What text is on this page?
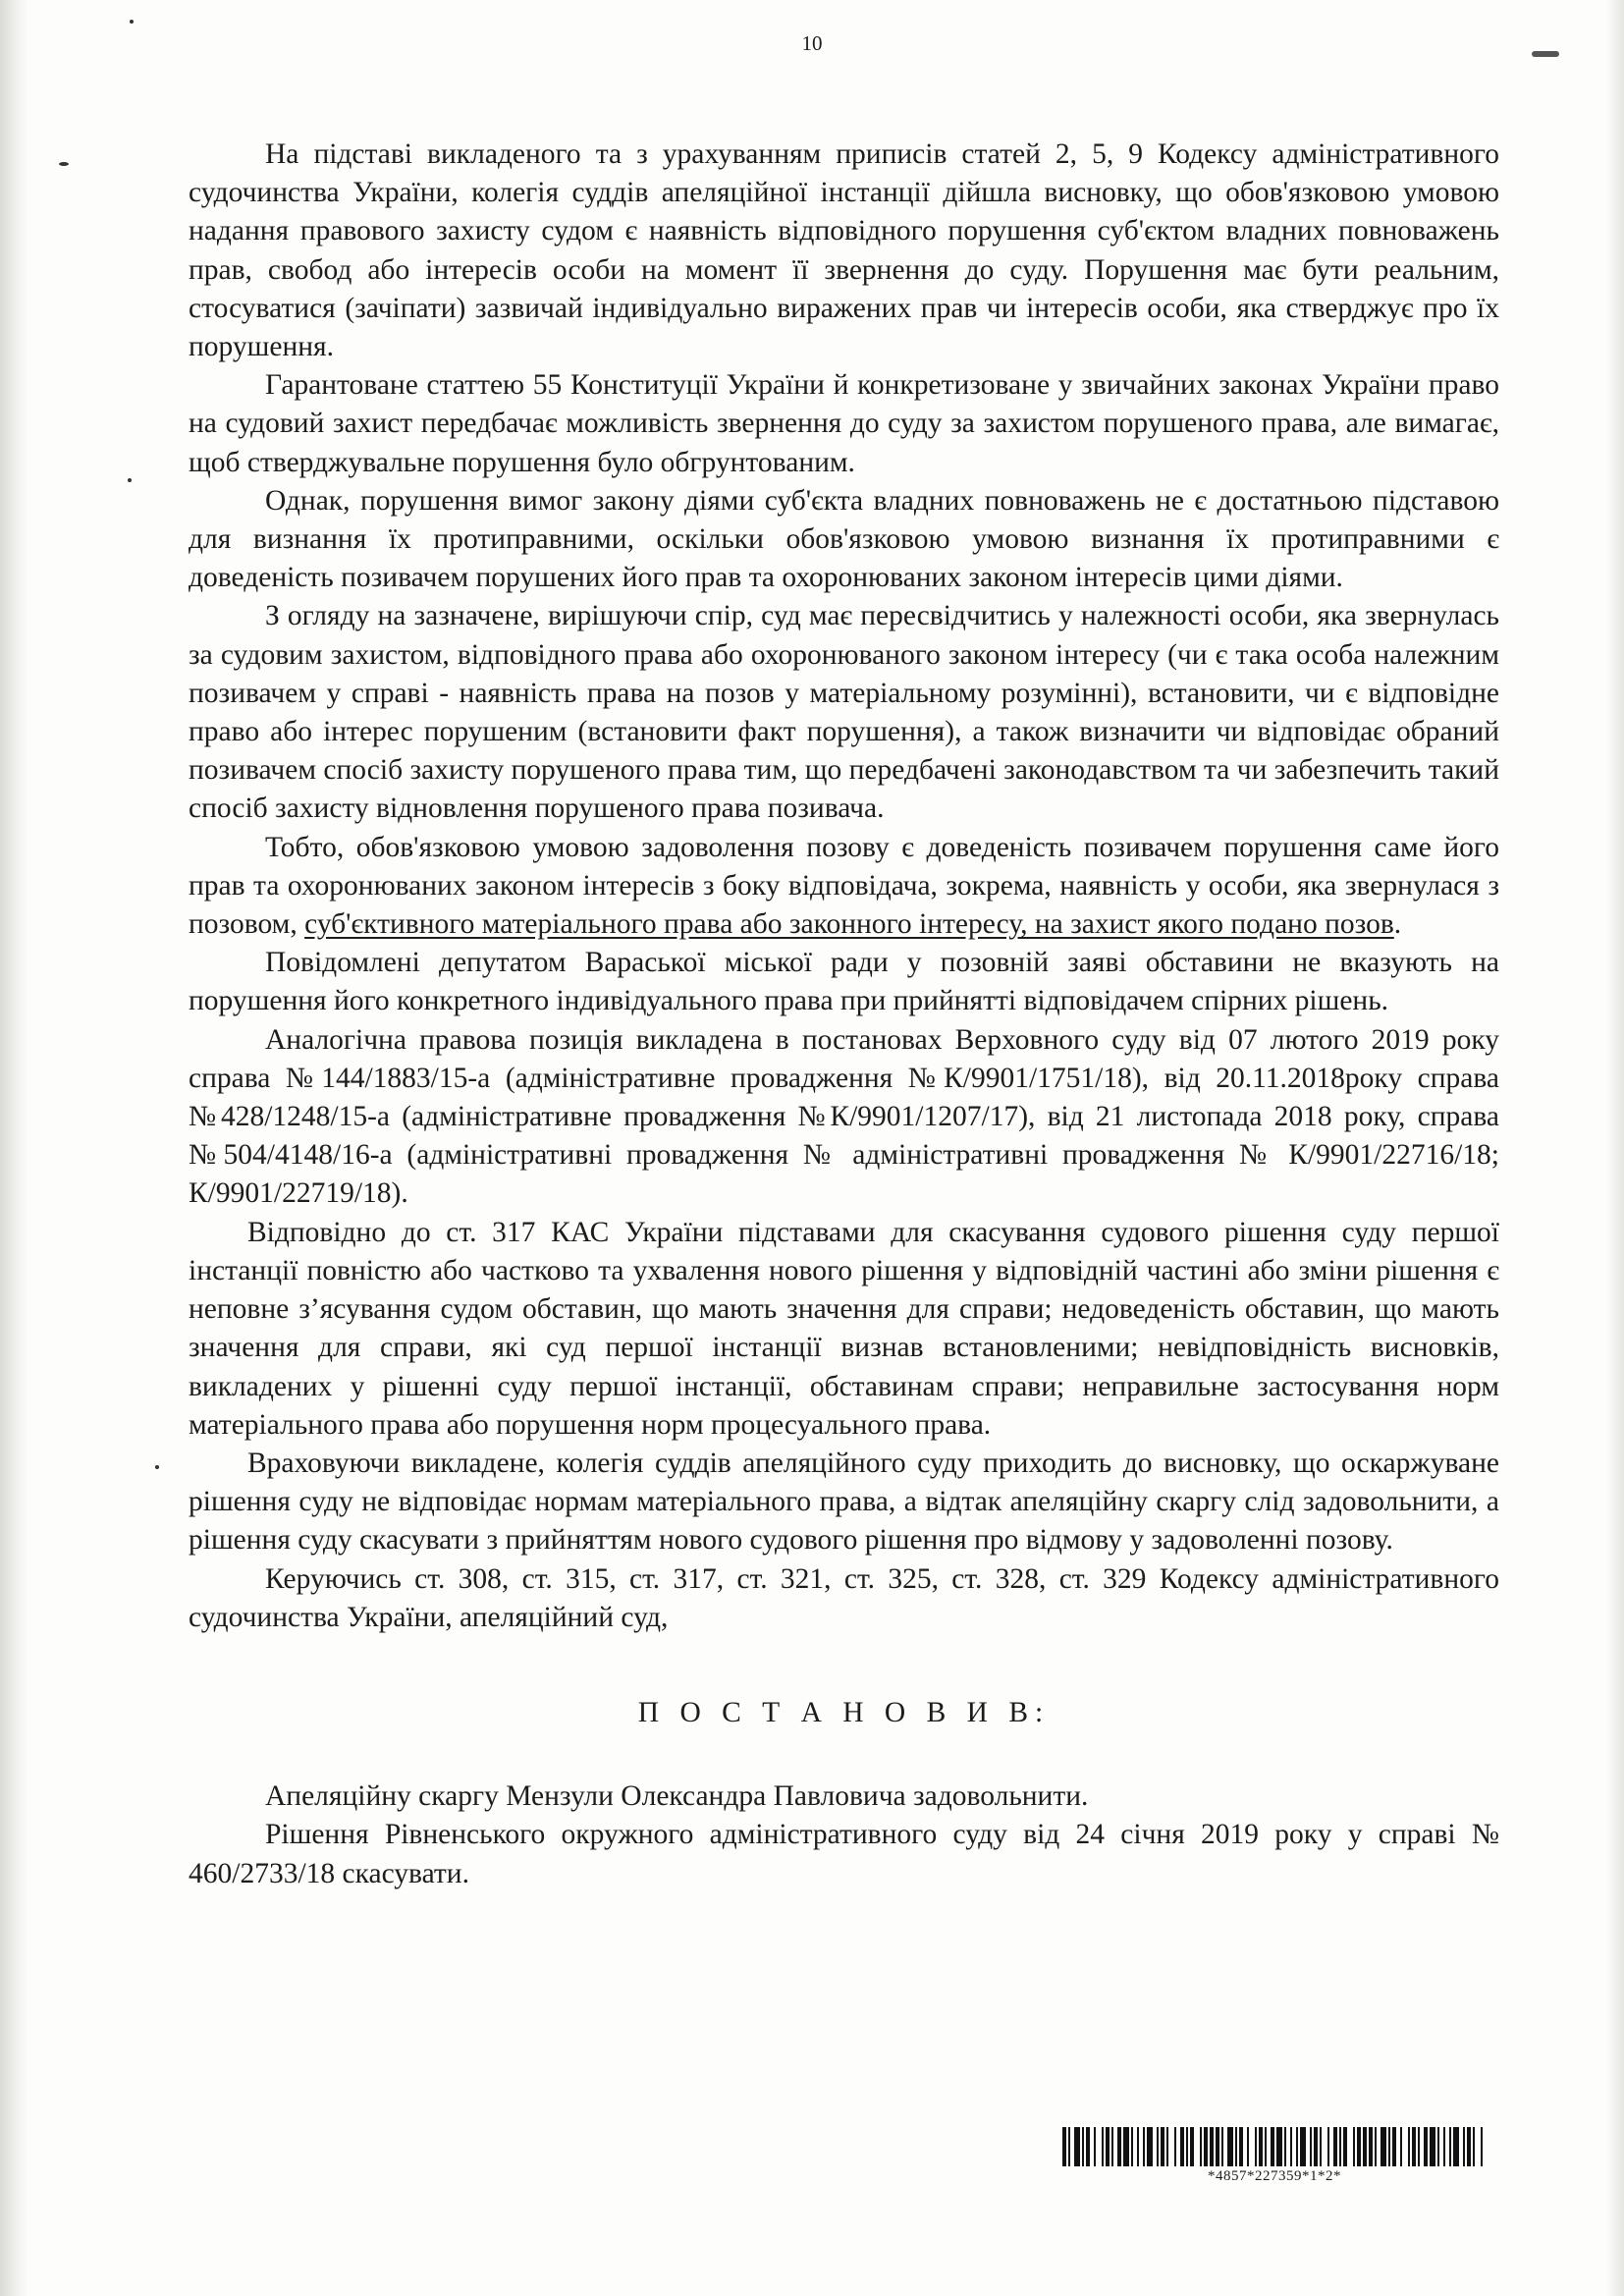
10

На підставі викладеного та з урахуванням приписів статей 2, 5, 9 Кодексу адміністративного судочинства України, колегія суддів апеляційної інстанції дійшла висновку, що обов'язковою умовою надання правового захисту судом є наявність відповідного порушення суб'єктом владних повноважень прав, свобод або інтересів особи на момент її звернення до суду. Порушення має бути реальним, стосуватися (зачіпати) зазвичай індивідуально виражених прав чи інтересів особи, яка стверджує про їх порушення.

Гарантоване статтею 55 Конституції України й конкретизоване у звичайних законах України право на судовий захист передбачає можливість звернення до суду за захистом порушеного права, але вимагає, щоб стверджувальне порушення було обгрунтованим.

Однак, порушення вимог закону діями суб'єкта владних повноважень не є достатньою підставою для визнання їх протиправними, оскільки обов'язковою умовою визнання їх протиправними є доведеність позивачем порушених його прав та охоронюваних законом інтересів цими діями.

З огляду на зазначене, вирішуючи спір, суд має пересвідчитись у належності особи, яка звернулась за судовим захистом, відповідного права або охоронюваного законом інтересу (чи є така особа належним позивачем у справі - наявність права на позов у матеріальному розумінні), встановити, чи є відповідне право або інтерес порушеним (встановити факт порушення), а також визначити чи відповідає обраний позивачем спосіб захисту порушеного права тим, що передбачені законодавством та чи забезпечить такий спосіб захисту відновлення порушеного права позивача.

Тобто, обов'язковою умовою задоволення позову є доведеність позивачем порушення саме його прав та охоронюваних законом інтересів з боку відповідача, зокрема, наявність у особи, яка звернулася з позовом, суб'єктивного матеріального права або законного інтересу, на захист якого подано позов.

Повідомлені депутатом Вараської міської ради у позовній заяві обставини не вказують на порушення його конкретного індивідуального права при прийнятті відповідачем спірних рішень.

Аналогічна правова позиція викладена в постановах Верховного суду від 07 лютого 2019 року справа №144/1883/15-а (адміністративне провадження №К/9901/1751/18), від 20.11.2018року справа №428/1248/15-а (адміністративне провадження №К/9901/1207/17), від 21 листопада 2018 року, справа №504/4148/16-а (адміністративні провадження № адміністративні провадження № К/9901/22716/18; К/9901/22719/18).

Відповідно до ст. 317 КАС України підставами для скасування судового рішення суду першої інстанції повністю або частково та ухвалення нового рішення у відповідній частині або зміни рішення є неповне з’ясування судом обставин, що мають значення для справи; недоведеність обставин, що мають значення для справи, які суд першої інстанції визнав встановленими; невідповідність висновків, викладених у рішенні суду першої інстанції, обставинам справи; неправильне застосування норм матеріального права або порушення норм процесуального права.

Враховуючи викладене, колегія суддів апеляційного суду приходить до висновку, що оскаржуване рішення суду не відповідає нормам матеріального права, а відтак апеляційну скаргу слід задовольнити, а рішення суду скасувати з прийняттям нового судового рішення про відмову у задоволенні позову.

Керуючись ст. 308, ст. 315, ст. 317, ст. 321, ст. 325, ст. 328, ст. 329 Кодексу адміністративного судочинства України, апеляційний суд,

П О С Т А Н О В И В:

Апеляційну скаргу Мензули Олександра Павловича задовольнити.

Рішення Рівненського окружного адміністративного суду від 24 січня 2019 року у справі № 460/2733/18 скасувати.

*4857*227359*1*2*
